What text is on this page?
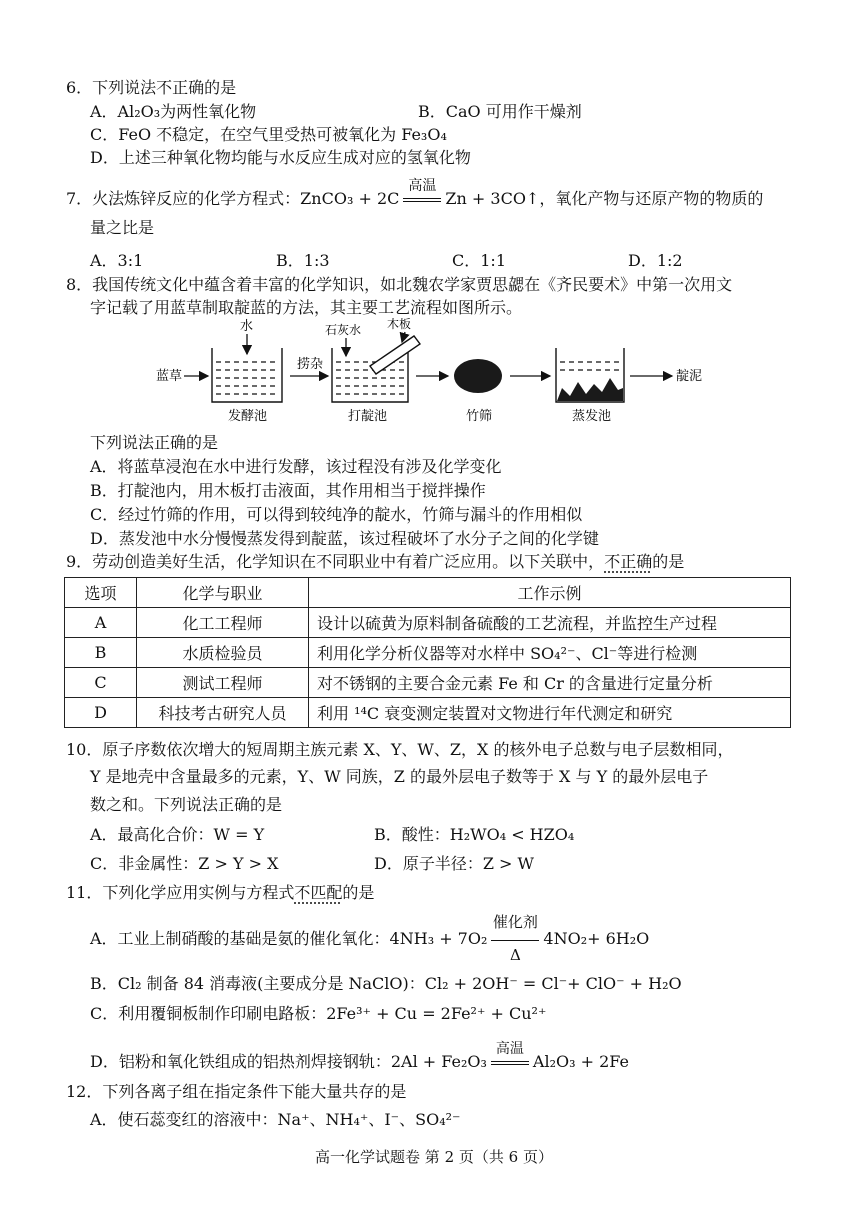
6．下列说法不正确的是
A．Al₂O₃为两性氧化物	B．CaO 可用作干燥剂
C．FeO 不稳定，在空气里受热可被氧化为 Fe₃O₄
D．上述三种氧化物均能与水反应生成对应的氢氧化物
7．火法炼锌反应的化学方程式：ZnCO₃ + 2C
高温
Zn + 3CO↑，氧化产物与还原产物的物质的
量之比是
A．3:1	B．1:3	C．1:1	D．1:2
8．我国传统文化中蕴含着丰富的化学知识，如北魏农学家贾思勰在《齐民要术》中第一次用文
字记载了用蓝草制取靛蓝的方法，其主要工艺流程如图所示。
蓝草
水
发酵池
捞杂
石灰水 木板
打靛池	竹筛	蒸发池
靛泥
下列说法正确的是
A．将蓝草浸泡在水中进行发酵，该过程没有涉及化学变化
B．打靛池内，用木板打击液面，其作用相当于搅拌操作
C．经过竹筛的作用，可以得到较纯净的靛水，竹筛与漏斗的作用相似
D．蒸发池中水分慢慢蒸发得到靛蓝，该过程破坏了水分子之间的化学键
9．劳动创造美好生活，化学知识在不同职业中有着广泛应用。以下关联中，不正确的是
选项	化学与职业	工作示例
A	化工工程师	设计以硫黄为原料制备硫酸的工艺流程，并监控生产过程
B	水质检验员	利用化学分析仪器等对水样中 SO₄²⁻、Cl⁻等进行检测
C	测试工程师	对不锈钢的主要合金元素 Fe 和 Cr 的含量进行定量分析
D	科技考古研究人员	利用 ¹⁴C 衰变测定装置对文物进行年代测定和研究
10．原子序数依次增大的短周期主族元素 X、Y、W、Z，X 的核外电子总数与电子层数相同，
Y 是地壳中含量最多的元素，Y、W 同族，Z 的最外层电子数等于 X 与 Y 的最外层电子
数之和。下列说法正确的是
A．最高化合价：W = Y	B．酸性：H₂WO₄ < HZO₄
C．非金属性：Z > Y > X	D．原子半径：Z > W
11．下列化学应用实例与方程式不匹配的是
A．工业上制硝酸的基础是氨的催化氧化：4NH₃ + 7O₂
催化剂
Δ
4NO₂+ 6H₂O
B．Cl₂ 制备 84 消毒液(主要成分是 NaClO)：Cl₂ + 2OH⁻ = Cl⁻+ ClO⁻ + H₂O
C．利用覆铜板制作印刷电路板：2Fe³⁺ + Cu = 2Fe²⁺ + Cu²⁺
D．铝粉和氧化铁组成的铝热剂焊接钢轨：2Al + Fe₂O₃
高温
Al₂O₃ + 2Fe
12．下列各离子组在指定条件下能大量共存的是
A．使石蕊变红的溶液中：Na⁺、NH₄⁺、I⁻、SO₄²⁻
高一化学试题卷 第 2 页（共 6 页）
